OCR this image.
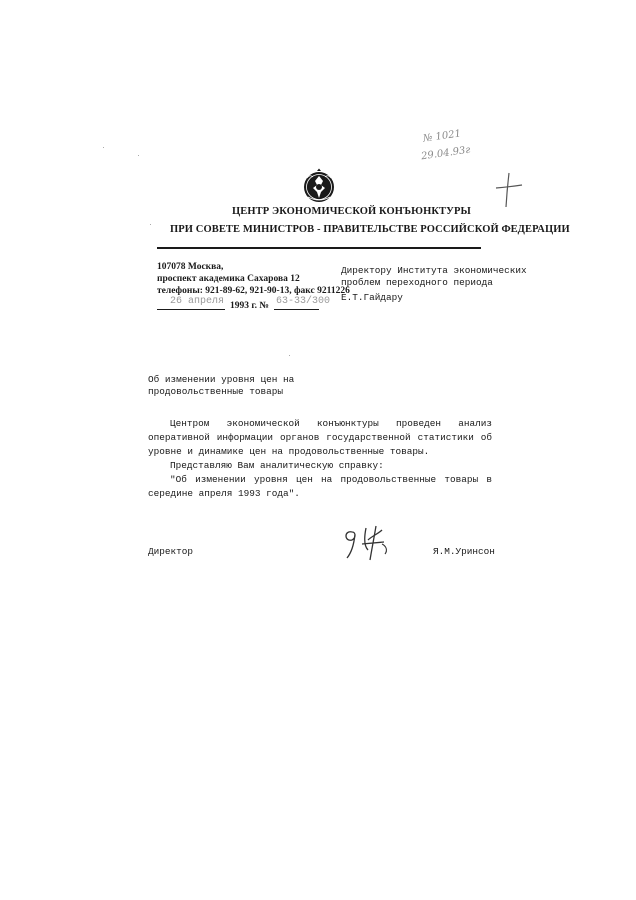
№ 1021
29.04.93г
ЦЕНТР ЭКОНОМИЧЕСКОЙ КОНЪЮНКТУРЫ
ПРИ СОВЕТЕ МИНИСТРОВ - ПРАВИТЕЛЬСТВЕ РОССИЙСКОЙ ФЕДЕРАЦИИ
107078 Москва,
проспект академика Сахарова 12
телефоны: 921-89-62, 921-90-13, факс 9211226
26 апреля 1993 г. № 63-33/300
Директору Института экономических
проблем переходного периода
Е.Т.Гайдару
Об изменении уровня цен на
продовольственные товары
Центром экономической конъюнктуры проведен анализ
оперативной информации органов государственной статистики об
уровне и динамике цен на продовольственные товары.
Представляю Вам аналитическую справку:
"Об изменении уровня цен на продовольственные товары в
середине апреля 1993 года".
Директор	Я.М.Уринсон
